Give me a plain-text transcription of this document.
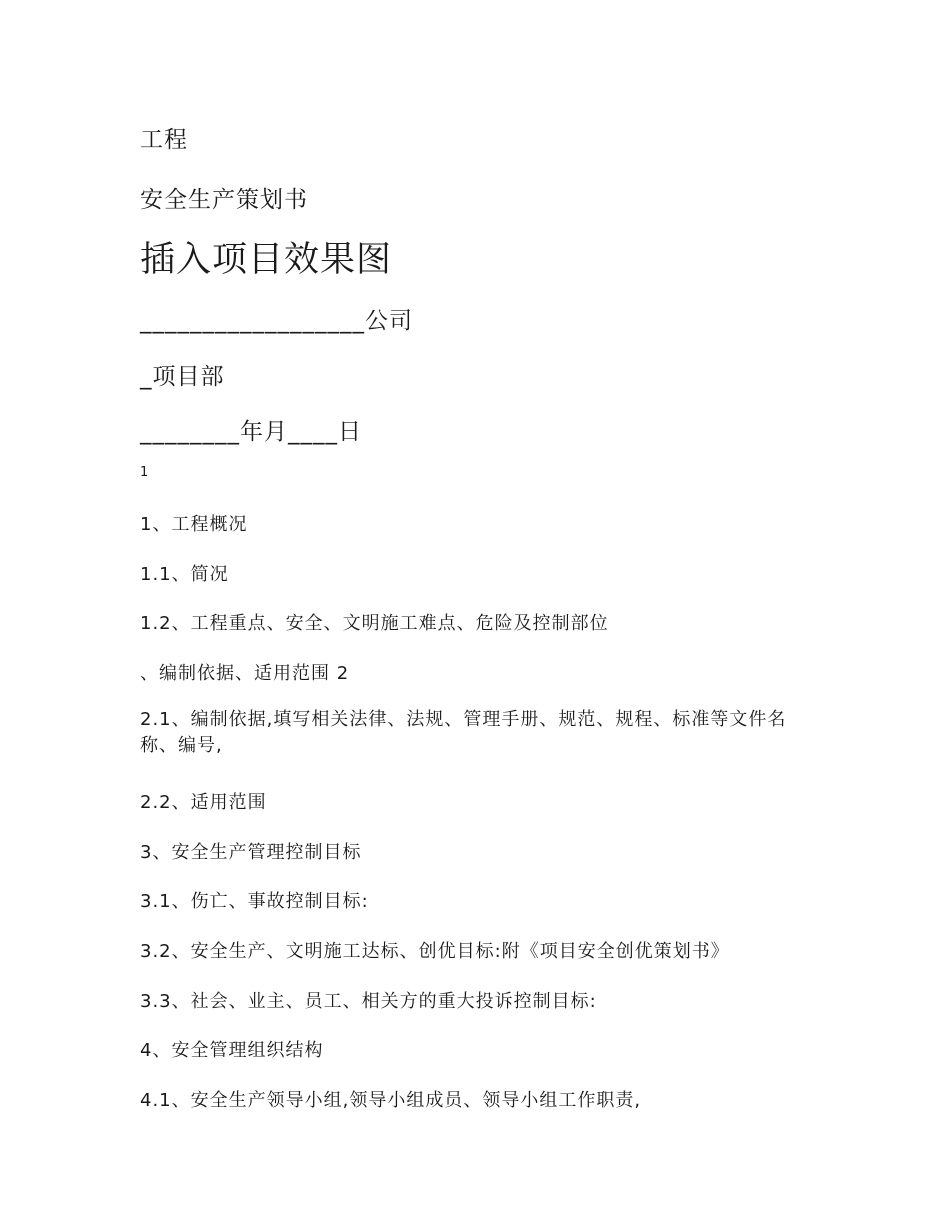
工程
安全生产策划书
插入项目效果图
__________________公司
_项目部
________年月____日
1
1、工程概况
1.1、简况
1.2、工程重点、安全、文明施工难点、危险及控制部位
、编制依据、适用范围 2
2.1、编制依据,填写相关法律、法规、管理手册、规范、规程、标准等文件名称、编号,
2.2、适用范围
3、安全生产管理控制目标
3.1、伤亡、事故控制目标:
3.2、安全生产、文明施工达标、创优目标:附《项目安全创优策划书》
3.3、社会、业主、员工、相关方的重大投诉控制目标:
4、安全管理组织结构
4.1、安全生产领导小组,领导小组成员、领导小组工作职责,
